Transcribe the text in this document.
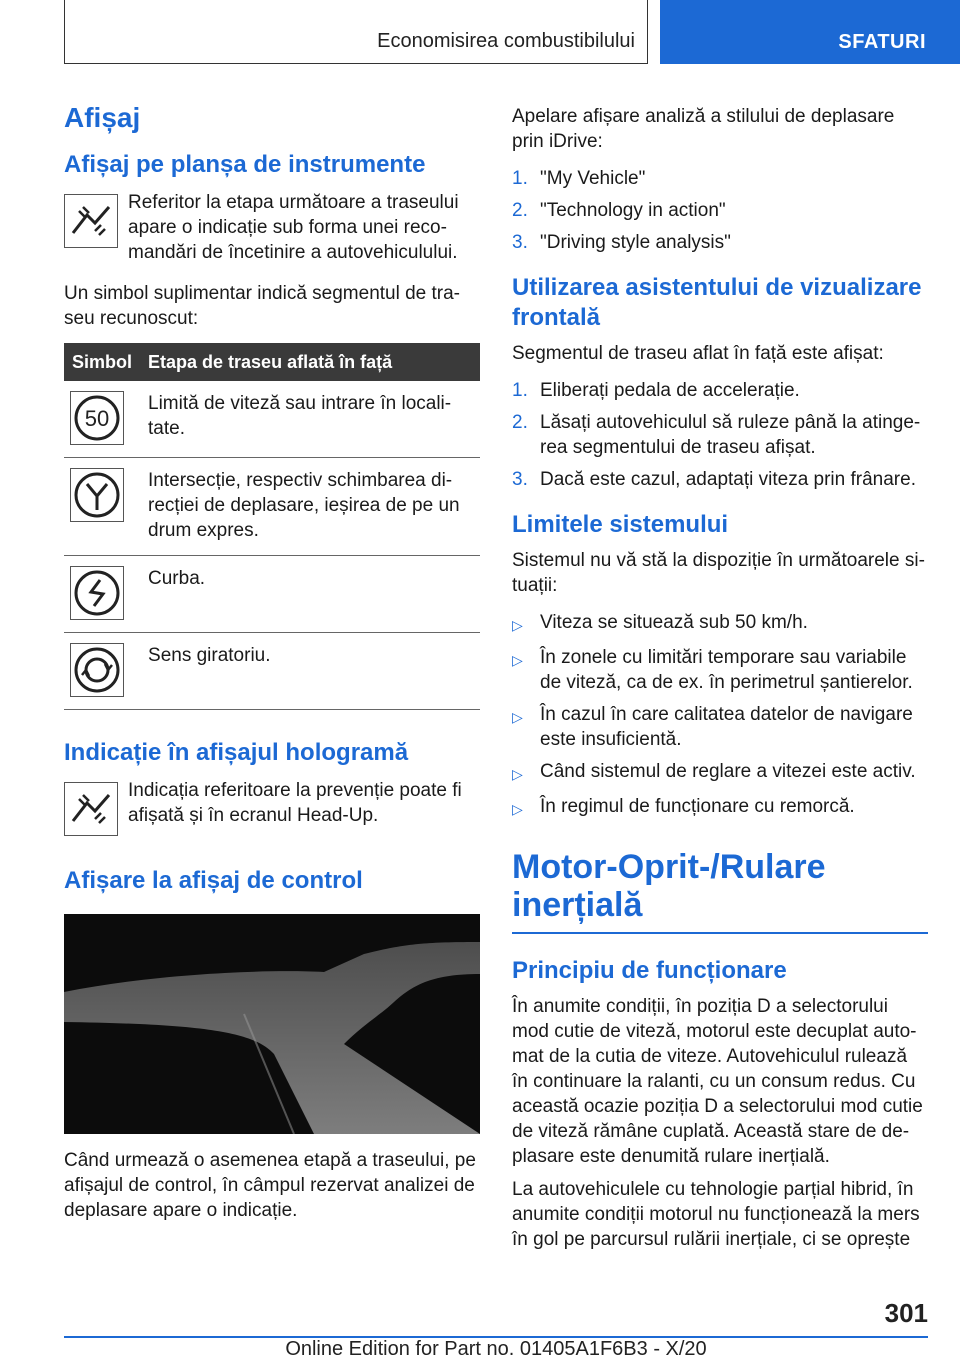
Economisirea combustibilului	SFATURI
Afișaj
Afișaj pe planșa de instrumente

Referitor la etapa următoare a traseului apare o indicație sub forma unei reco-mandări de încetinire a autovehiculului.

Un simbol suplimentar indică segmentul de tra-seu recunoscut:

Simbol	Etapa de traseu aflată în față

50	Limită de viteză sau intrare în locali-tate.

	Intersecție, respectiv schimbarea di-recției de deplasare, ieșirea de pe un drum expres.

	Curba.

	Sens giratoriu.
Indicație în afișajul hologramă

Indicația referitoare la prevenție poate fi afișată și în ecranul Head-Up.

Afișare la afișaj de control

Când urmează o asemenea etapă a traseului, pe afișajul de control, în câmpul rezervat analizei de deplasare apare o indicație.

Apelare afișare analiză a stilului de deplasare prin iDrive:

1. "My Vehicle"
2. "Technology in action"
3. "Driving style analysis"
Utilizarea asistentului de vizualizare frontală

Segmentul de traseu aflat în față este afișat:

1. Eliberați pedala de accelerație.
2. Lăsați autovehiculul să ruleze până la atinge-rea segmentului de traseu afișat.
3. Dacă este cazul, adaptați viteza prin frânare.
Limitele sistemului

Sistemul nu vă stă la dispoziție în următoarele si-tuații:

▷ Viteza se situează sub 50 km/h.
▷ În zonele cu limitări temporare sau variabile de viteză, ca de ex. în perimetrul șantierelor.
▷ În cazul în care calitatea datelor de navigare este insuficientă.
▷ Când sistemul de reglare a vitezei este activ.
▷ În regimul de funcționare cu remorcă.

Motor-Oprit-/Rulare inerțială

Principiu de funcționare

În anumite condiții, în poziția D a selectorului mod cutie de viteză, motorul este decuplat auto-mat de la cutia de viteze. Autovehiculul rulează în continuare la ralanti, cu un consum redus. Cu această ocazie poziția D a selectorului mod cutie de viteză rămâne cuplată. Această stare de de-plasare este denumită rulare inerțială.

La autovehiculele cu tehnologie parțial hibrid, în anumite condiții motorul nu funcționează la mers în gol pe parcursul rulării inerțiale, ci se oprește

301
Online Edition for Part no. 01405A1F6B3 - X/20
